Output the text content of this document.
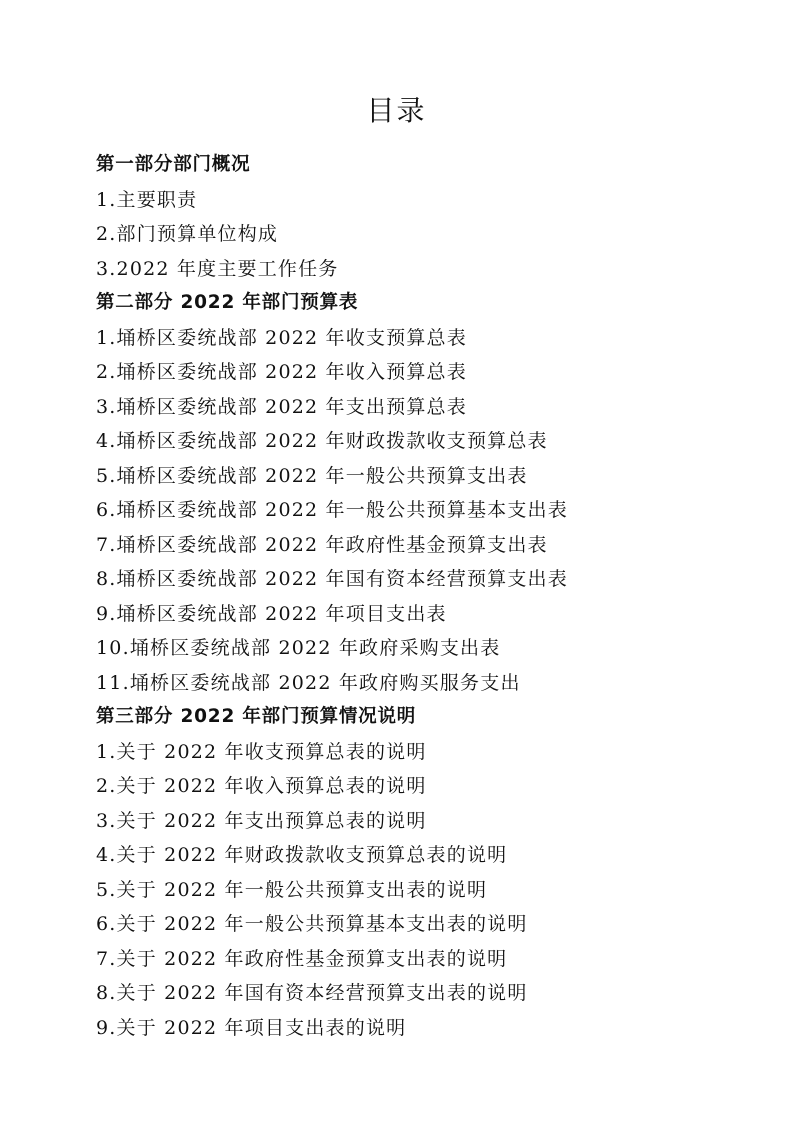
目录
第一部分部门概况
1.主要职责
2.部门预算单位构成
3.2022 年度主要工作任务
第二部分 2022 年部门预算表
1.埇桥区委统战部 2022 年收支预算总表
2.埇桥区委统战部 2022 年收入预算总表
3.埇桥区委统战部 2022 年支出预算总表
4.埇桥区委统战部 2022 年财政拨款收支预算总表
5.埇桥区委统战部 2022 年一般公共预算支出表
6.埇桥区委统战部 2022 年一般公共预算基本支出表
7.埇桥区委统战部 2022 年政府性基金预算支出表
8.埇桥区委统战部 2022 年国有资本经营预算支出表
9.埇桥区委统战部 2022 年项目支出表
10.埇桥区委统战部 2022 年政府采购支出表
11.埇桥区委统战部 2022 年政府购买服务支出
第三部分 2022 年部门预算情况说明
1.关于 2022 年收支预算总表的说明
2.关于 2022 年收入预算总表的说明
3.关于 2022 年支出预算总表的说明
4.关于 2022 年财政拨款收支预算总表的说明
5.关于 2022 年一般公共预算支出表的说明
6.关于 2022 年一般公共预算基本支出表的说明
7.关于 2022 年政府性基金预算支出表的说明
8.关于 2022 年国有资本经营预算支出表的说明
9.关于 2022 年项目支出表的说明
